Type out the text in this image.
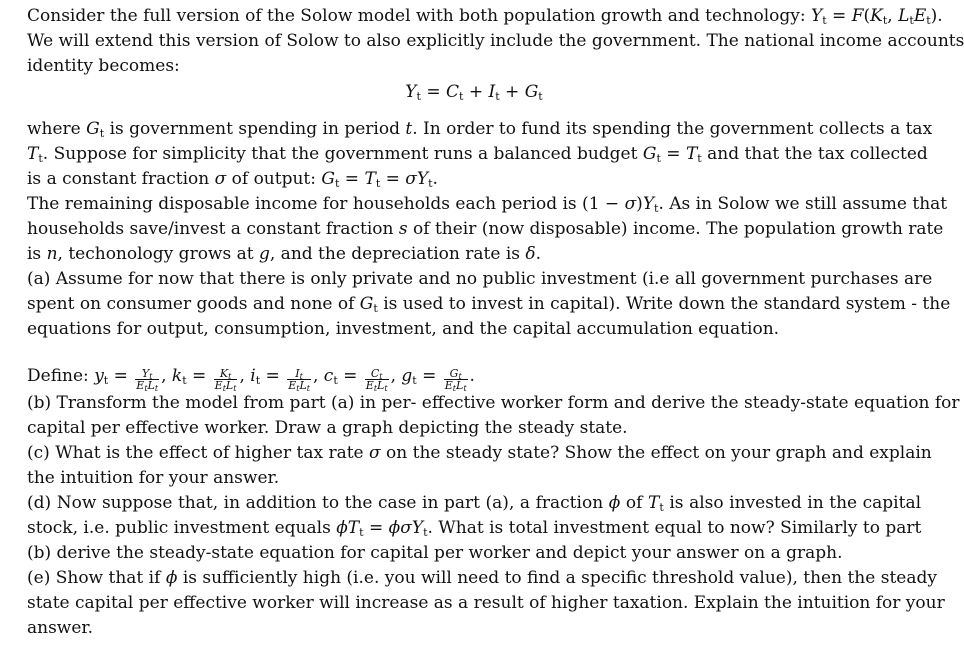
Consider the full version of the Solow model with both population growth and technology: $Y_t = F(K_t$, $L_tE_t$).
We will extend this version of Solow to also explicitly include the government. The national income accounts
identity becomes:

$Y_t = C_t + I_t + G_t$

where $G_t$ is government spending in period t. In order to fund its spending the government collects a tax
$T_t$. Suppose for simplicity that the government runs a balanced budget $G_t = T_t$ and that the tax collected
is a constant fraction σ of output: $G_t = T_t = \sigma Y_t$.
The remaining disposable income for households each period is $(1 - \sigma)Y_t$. As in Solow we still assume that
households save/invest a constant fraction s of their (now disposable) income. The population growth rate
is n, techonology grows at g, and the depreciation rate is δ.

(a) Assume for now that there is only private and no public investment (i.e all government purchases are
spent on consumer goods and none of $G_t$ is used to invest in capital). Write down the standard system - the
equations for output, consumption, investment, and the capital accumulation equation.

Define: $y_t = \frac{Y_t}{E_tL_t}$ , $k_t = \frac{K_t}{E_tL_t}$ , $i_t = \frac{I_t}{E_tL_t}$ , $c_t = \frac{C_t}{E_tL_t}$ , $g_t = \frac{G_t}{E_tL_t}$ .

(b) Transform the model from part (a) in per- effective worker form and derive the steady-state equation for
capital per effective worker. Draw a graph depicting the steady state.

(c) What is the effect of higher tax rate σ on the steady state? Show the effect on your graph and explain
the intuition for your answer.

(d) Now suppose that, in addition to the case in part (a), a fraction ϕ of $T_t$ is also invested in the capital
stock, i.e. public investment equals $\phi T_t = \phi\sigma Y_t$. What is total investment equal to now? Similarly to part
(b) derive the steady-state equation for capital per worker and depict your answer on a graph.

(e) Show that if ϕ is sufficiently high (i.e. you will need to find a specific threshold value), then the steady
state capital per effective worker will increase as a result of higher taxation. Explain the intuition for your
answer.
